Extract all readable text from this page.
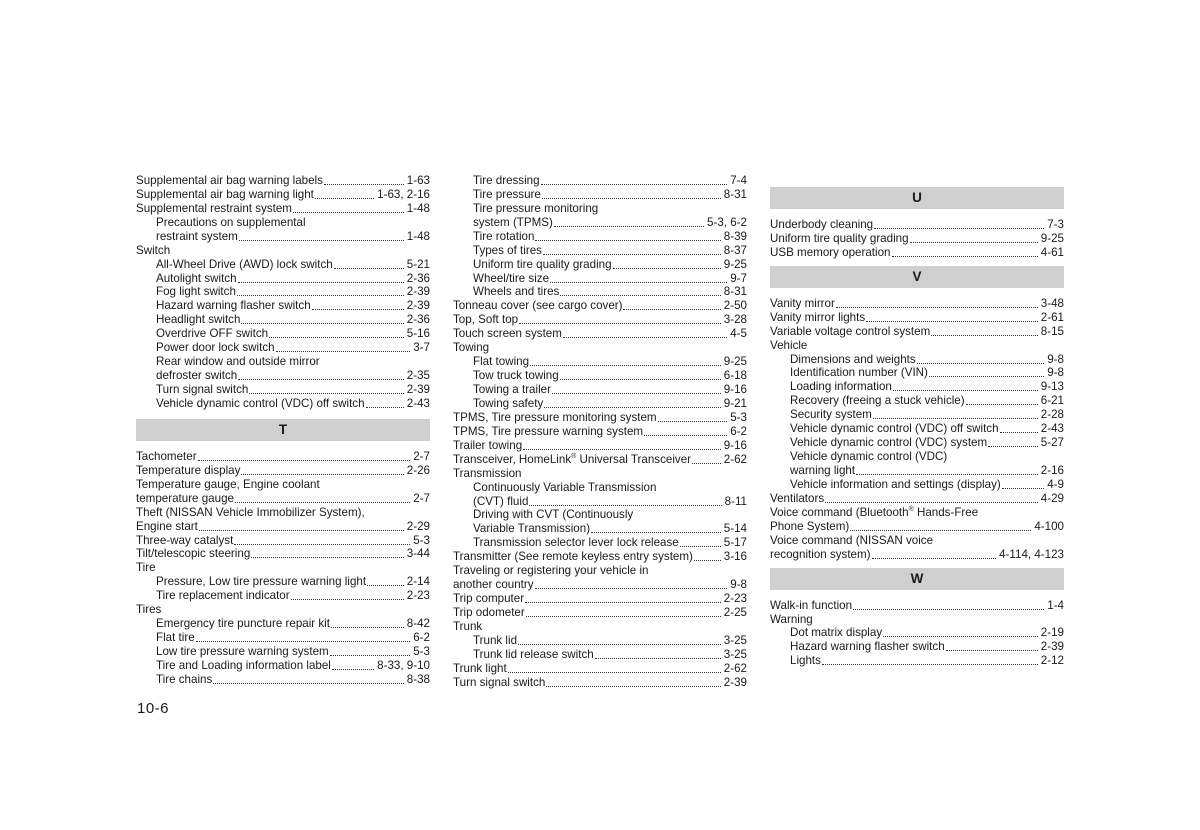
Supplemental air bag warning labels	1-63
Supplemental air bag warning light	1-63, 2-16
Supplemental restraint system	1-48
Precautions on supplemental
restraint system	1-48
Switch
All-Wheel Drive (AWD) lock switch	5-21
Autolight switch	2-36
Fog light switch	2-39
Hazard warning flasher switch	2-39
Headlight switch	2-36
Overdrive OFF switch	5-16
Power door lock switch	3-7
Rear window and outside mirror
defroster switch	2-35
Turn signal switch	2-39
Vehicle dynamic control (VDC) off switch	2-43
T
Tachometer	2-7
Temperature display	2-26
Temperature gauge, Engine coolant
temperature gauge	2-7
Theft (NISSAN Vehicle Immobilizer System),
Engine start	2-29
Three-way catalyst	5-3
Tilt/telescopic steering	3-44
Tire
Pressure, Low tire pressure warning light	2-14
Tire replacement indicator	2-23
Tires
Emergency tire puncture repair kit	8-42
Flat tire	6-2
Low tire pressure warning system	5-3
Tire and Loading information label	8-33, 9-10
Tire chains	8-38
Tire dressing	7-4
Tire pressure	8-31
Tire pressure monitoring
system (TPMS)	5-3, 6-2
Tire rotation	8-39
Types of tires	8-37
Uniform tire quality grading	9-25
Wheel/tire size	9-7
Wheels and tires	8-31
Tonneau cover (see cargo cover)	2-50
Top, Soft top	3-28
Touch screen system	4-5
Towing
Flat towing	9-25
Tow truck towing	6-18
Towing a trailer	9-16
Towing safety	9-21
TPMS, Tire pressure monitoring system	5-3
TPMS, Tire pressure warning system	6-2
Trailer towing	9-16
Transceiver, HomeLink® Universal Transceiver	2-62
Transmission
Continuously Variable Transmission
(CVT) fluid	8-11
Driving with CVT (Continuously
Variable Transmission)	5-14
Transmission selector lever lock release	5-17
Transmitter (See remote keyless entry system)	3-16
Traveling or registering your vehicle in
another country	9-8
Trip computer	2-23
Trip odometer	2-25
Trunk
Trunk lid	3-25
Trunk lid release switch	3-25
Trunk light	2-62
Turn signal switch	2-39
U
Underbody cleaning	7-3
Uniform tire quality grading	9-25
USB memory operation	4-61
V
Vanity mirror	3-48
Vanity mirror lights	2-61
Variable voltage control system	8-15
Vehicle
Dimensions and weights	9-8
Identification number (VIN)	9-8
Loading information	9-13
Recovery (freeing a stuck vehicle)	6-21
Security system	2-28
Vehicle dynamic control (VDC) off switch	2-43
Vehicle dynamic control (VDC) system	5-27
Vehicle dynamic control (VDC)
warning light	2-16
Vehicle information and settings (display)	4-9
Ventilators	4-29
Voice command (Bluetooth® Hands-Free
Phone System)	4-100
Voice command (NISSAN voice
recognition system)	4-114, 4-123
W
Walk-in function	1-4
Warning
Dot matrix display	2-19
Hazard warning flasher switch	2-39
Lights	2-12
10-6
